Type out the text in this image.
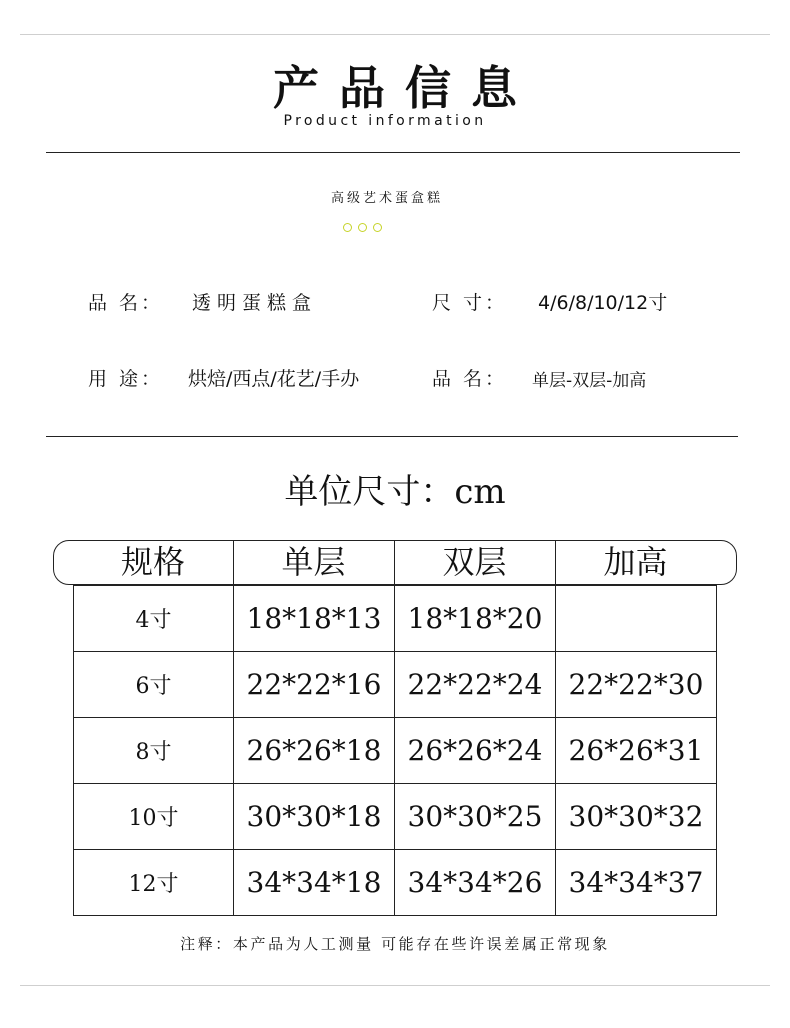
产品信息
Product information
高级艺术蛋盒糕
品 名： 透明蛋糕盒	尺 寸： 4/6/8/10/12寸
用 途： 烘焙/西点/花艺/手办	品 名： 单层-双层-加高
单位尺寸：cm
规格	单层	双层	加高
4寸	18*18*13	18*18*20	
6寸	22*22*16	22*22*24	22*22*30
8寸	26*26*18	26*26*24	26*26*31
10寸	30*30*18	30*30*25	30*30*32
12寸	34*34*18	34*34*26	34*34*37
注释：本产品为人工测量 可能存在些许误差属正常现象
